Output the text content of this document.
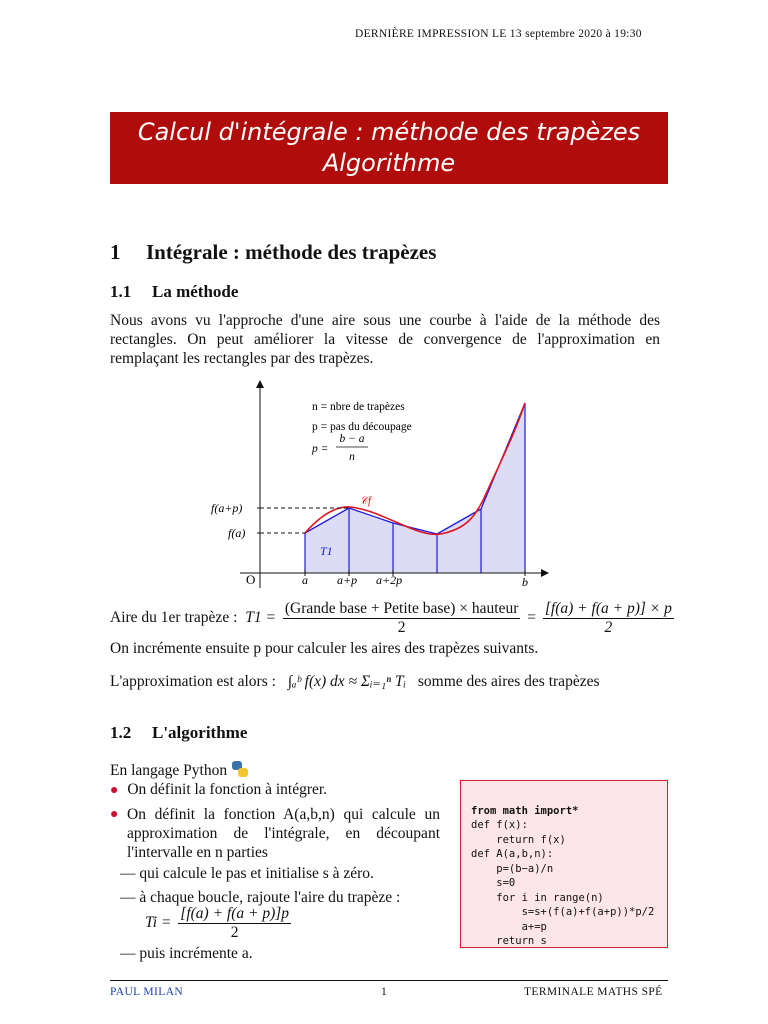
DERNIÈRE IMPRESSION LE 13 septembre 2020 à 19:30
Calcul d'intégrale : méthode des trapèzes
Algorithme
1 Intégrale : méthode des trapèzes
1.1 La méthode
Nous avons vu l'approche d'une aire sous une courbe à l'aide de la méthode des rectangles. On peut améliorer la vitesse de convergence de l'approximation en remplaçant les rectangles par des trapèzes.
O	a a+p a+2p	b
f(a+p)
f(a)
T1
𝒞f
n = nbre de trapèzes
p = pas du découpage
p =
b − a
n
Aire du 1er trapèze : $T1 = \frac{\text{(Grande base + Petite base) × hauteur}}{2} = \frac{[f(a) + f(a + p)] \times p}{2}$
On incrémente ensuite p pour calculer les aires des trapèzes suivants.
L'approximation est alors : ∫ₐᵇ f(x) dx ≈ Σᵢ₌₁ⁿ Tᵢ somme des aires des trapèzes
1.2 L'algorithme
En langage Python
● On définit la fonction à intégrer.
● On définit la fonction A(a,b,n) qui calcule un approximation de l'intégrale, en découpant l'intervalle en n parties
— qui calcule le pas et initialise s à zéro.
— à chaque boucle, rajoute l'aire du trapèze :
$Ti = \frac{[f(a) + f(a + p)]p}{2}$
— puis incrémente a.

from math import*
def f(x):
return f(x)
def A(a,b,n):
p=(b−a)/n
s=0
for i in range(n)
s=s+(f(a)+f(a+p))*p/2
a+=p
return s

PAUL MILAN	1	TERMINALE MATHS SPÉ
